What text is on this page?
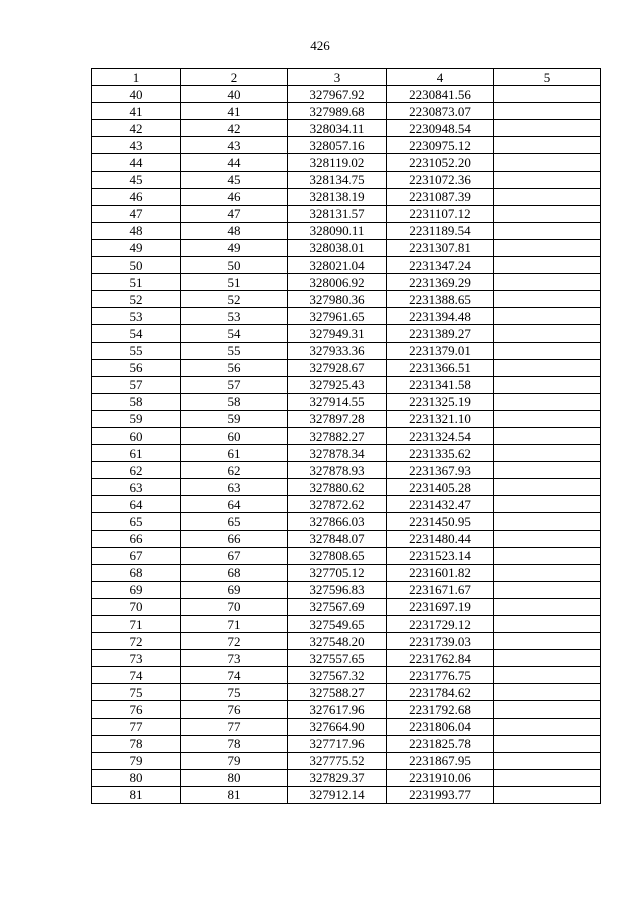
426
1	2	3	4	5
40	40	327967.92	2230841.56	
41	41	327989.68	2230873.07	
42	42	328034.11	2230948.54	
43	43	328057.16	2230975.12	
44	44	328119.02	2231052.20	
45	45	328134.75	2231072.36	
46	46	328138.19	2231087.39	
47	47	328131.57	2231107.12	
48	48	328090.11	2231189.54	
49	49	328038.01	2231307.81	
50	50	328021.04	2231347.24	
51	51	328006.92	2231369.29	
52	52	327980.36	2231388.65	
53	53	327961.65	2231394.48	
54	54	327949.31	2231389.27	
55	55	327933.36	2231379.01	
56	56	327928.67	2231366.51	
57	57	327925.43	2231341.58	
58	58	327914.55	2231325.19	
59	59	327897.28	2231321.10	
60	60	327882.27	2231324.54	
61	61	327878.34	2231335.62	
62	62	327878.93	2231367.93	
63	63	327880.62	2231405.28	
64	64	327872.62	2231432.47	
65	65	327866.03	2231450.95	
66	66	327848.07	2231480.44	
67	67	327808.65	2231523.14	
68	68	327705.12	2231601.82	
69	69	327596.83	2231671.67	
70	70	327567.69	2231697.19	
71	71	327549.65	2231729.12	
72	72	327548.20	2231739.03	
73	73	327557.65	2231762.84	
74	74	327567.32	2231776.75	
75	75	327588.27	2231784.62	
76	76	327617.96	2231792.68	
77	77	327664.90	2231806.04	
78	78	327717.96	2231825.78	
79	79	327775.52	2231867.95	
80	80	327829.37	2231910.06	
81	81	327912.14	2231993.77	
